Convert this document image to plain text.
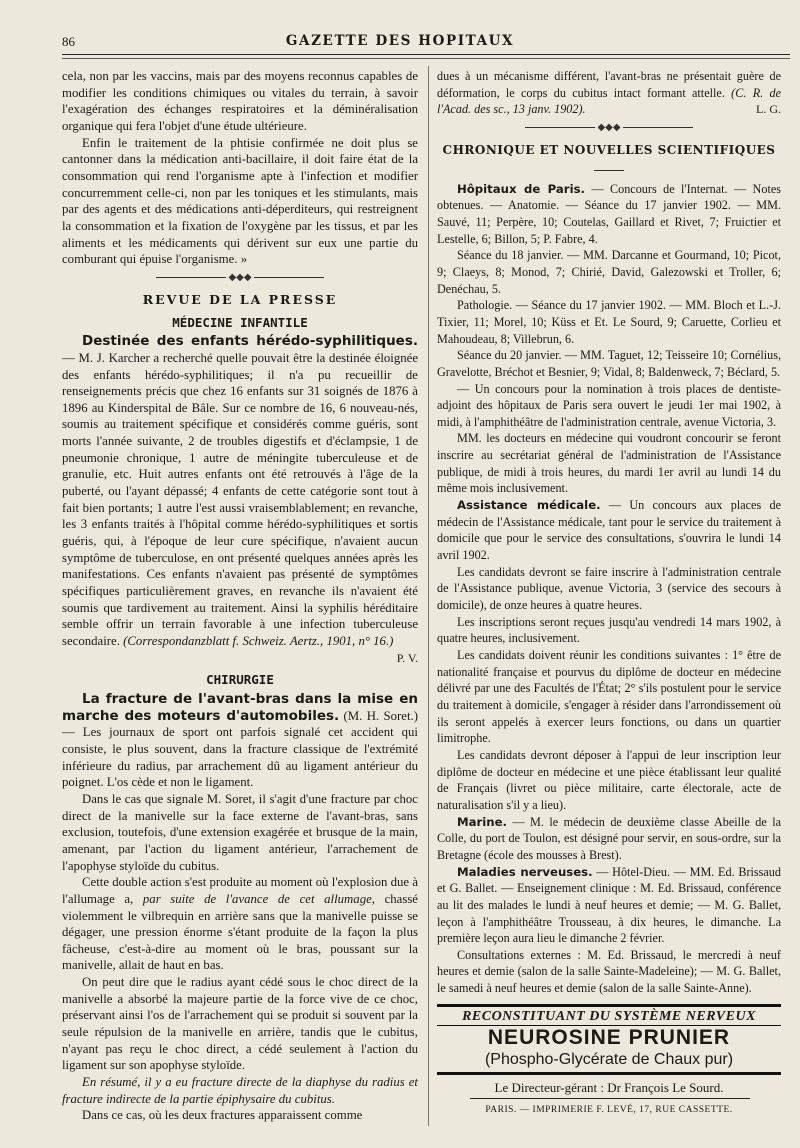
86	GAZETTE DES HOPITAUX

cela, non par les vaccins, mais par des moyens reconnus capables de modifier les conditions chimiques ou vitales du terrain, à savoir l'exagération des échanges respiratoires et la déminéralisation organique qui fera l'objet d'une étude ultérieure.

Enfin le traitement de la phtisie confirmée ne doit plus se cantonner dans la médication anti-bacillaire, il doit faire état de la consommation qui rend l'organisme apte à l'infection et modifier concurremment celle-ci, non par les toniques et les stimulants, mais par des agents et des médications anti-déperditeurs, qui restreignent la consommation et la fixation de l'oxygène par les tissus, et par les aliments et les médicaments qui dérivent sur eux une partie du comburant qui épuise l'organisme. »

◆◆◆
REVUE DE LA PRESSE
MÉDECINE INFANTILE

Destinée des enfants hérédo-syphilitiques. — M. J. Karcher a recherché quelle pouvait être la destinée éloignée des enfants hérédo-syphilitiques; il n'a pu recueillir de renseignements précis que chez 16 enfants sur 31 soignés de 1876 à 1896 au Kinderspital de Bâle. Sur ce nombre de 16, 6 nouveau-nés, soumis au traitement spécifique et considérés comme guéris, sont morts l'année suivante, 2 de troubles digestifs et d'éclampsie, 1 de pneumonie chronique, 1 autre de méningite tuberculeuse et de granulie, etc. Huit autres enfants ont été retrouvés à l'âge de la puberté, ou l'ayant dépassé; 4 enfants de cette catégorie sont tout à fait bien portants; 1 autre l'est aussi vraisemblablement; en revanche, les 3 enfants traités à l'hôpital comme hérédo-syphilitiques et sortis guéris, qui, à l'époque de leur cure spécifique, n'avaient aucun symptôme de tuberculose, en ont présenté quelques années après les manifestations. Ces enfants n'avaient pas présenté de symptômes spécifiques particulièrement graves, en revanche ils n'avaient été soumis que tardivement au traitement. Ainsi la syphilis héréditaire semble offrir un terrain favorable à une infection tuberculeuse secondaire. (Correspondanzblatt f. Schweiz. Aertz., 1901, n° 16.)

P. V.
CHIRURGIE

La fracture de l'avant-bras dans la mise en marche des moteurs d'automobiles. (M. H. Soret.) — Les journaux de sport ont parfois signalé cet accident qui consiste, le plus souvent, dans la fracture classique de l'extrémité inférieure du radius, par arrachement dû au ligament antérieur du poignet. L'os cède et non le ligament.

Dans le cas que signale M. Soret, il s'agit d'une fracture par choc direct de la manivelle sur la face externe de l'avant-bras, sans exclusion, toutefois, d'une extension exagérée et brusque de la main, amenant, par l'action du ligament antérieur, l'arrachement de l'apophyse styloïde du cubitus.

Cette double action s'est produite au moment où l'explosion due à l'allumage a, par suite de l'avance de cet allumage, chassé violemment le vilbrequin en arrière sans que la manivelle puisse se dégager, une pression énorme s'étant produite de la façon la plus fâcheuse, c'est-à-dire au moment où le bras, poussant sur la manivelle, allait de haut en bas.

On peut dire que le radius ayant cédé sous le choc direct de la manivelle a absorbé la majeure partie de la force vive de ce choc, préservant ainsi l'os de l'arrachement qui se produit si souvent par la seule répulsion de la manivelle en arrière, tandis que le cubitus, n'ayant pas reçu le choc direct, a cédé seulement à l'action du ligament sur son apophyse styloïde.

En résumé, il y a eu fracture directe de la diaphyse du radius et fracture indirecte de la partie épiphysaire du cubitus.

Dans ce cas, où les deux fractures apparaissent comme

dues à un mécanisme différent, l'avant-bras ne présentait guère de déformation, le corps du cubitus intact formant attelle. (C. R. de l'Acad. des sc., 13 janv. 1902).	L. G.

◆◆◆
CHRONIQUE ET NOUVELLES SCIENTIFIQUES

Hôpitaux de Paris. — Concours de l'Internat. — Notes obtenues. — Anatomie. — Séance du 17 janvier 1902. — MM. Sauvé, 11; Perpère, 10; Coutelas, Gaillard et Rivet, 7; Fruictier et Lestelle, 6; Billon, 5; P. Fabre, 4.

Séance du 18 janvier. — MM. Darcanne et Gourmand, 10; Picot, 9; Claeys, 8; Monod, 7; Chirié, David, Galezowski et Troller, 6; Denéchau, 5.

Pathologie. — Séance du 17 janvier 1902. — MM. Bloch et L.-J. Tixier, 11; Morel, 10; Küss et Et. Le Sourd, 9; Caruette, Corlieu et Mahoudeau, 8; Villebrun, 6.

Séance du 20 janvier. — MM. Taguet, 12; Teisseire 10; Cornélius, Gravelotte, Bréchot et Besnier, 9; Vidal, 8; Baldenweck, 7; Béclard, 5.

— Un concours pour la nomination à trois places de dentiste-adjoint des hôpitaux de Paris sera ouvert le jeudi 1er mai 1902, à midi, à l'amphithéâtre de l'administration centrale, avenue Victoria, 3.

MM. les docteurs en médecine qui voudront concourir se feront inscrire au secrétariat général de l'administration de l'Assistance publique, de midi à trois heures, du mardi 1er avril au lundi 14 du même mois inclusivement.

Assistance médicale. — Un concours aux places de médecin de l'Assistance médicale, tant pour le service du traitement à domicile que pour le service des consultations, s'ouvrira le lundi 14 avril 1902.

Les candidats devront se faire inscrire à l'administration centrale de l'Assistance publique, avenue Victoria, 3 (service des secours à domicile), de onze heures à quatre heures.

Les inscriptions seront reçues jusqu'au vendredi 14 mars 1902, à quatre heures, inclusivement.

Les candidats doivent réunir les conditions suivantes : 1° être de nationalité française et pourvus du diplôme de docteur en médecine délivré par une des Facultés de l'État; 2° s'ils postulent pour le service du traitement à domicile, s'engager à résider dans l'arrondissement où ils seront appelés à exercer leurs fonctions, ou dans un quartier limitrophe.

Les candidats devront déposer à l'appui de leur inscription leur diplôme de docteur en médecine et une pièce établissant leur qualité de Français (livret ou pièce militaire, carte électorale, acte de naturalisation s'il y a lieu).

Marine. — M. le médecin de deuxième classe Abeille de la Colle, du port de Toulon, est désigné pour servir, en sous-ordre, sur la Bretagne (école des mousses à Brest).

Maladies nerveuses. — Hôtel-Dieu. — MM. Ed. Brissaud et G. Ballet. — Enseignement clinique : M. Ed. Brissaud, conférence au lit des malades le lundi à neuf heures et demie; — M. G. Ballet, leçon à l'amphithéâtre Trousseau, à dix heures, le dimanche. La première leçon aura lieu le dimanche 2 février.

Consultations externes : M. Ed. Brissaud, le mercredi à neuf heures et demie (salon de la salle Sainte-Madeleine); — M. G. Ballet, le samedi à neuf heures et demie (salon de la salle Sainte-Anne).

RECONSTITUANT DU SYSTÈME NERVEUX
NEUROSINE PRUNIER
(Phospho-Glycérate de Chaux pur)
Le Directeur-gérant : Dr François Le Sourd.
PARIS. — IMPRIMERIE F. LEVÉ, 17, RUE CASSETTE.
